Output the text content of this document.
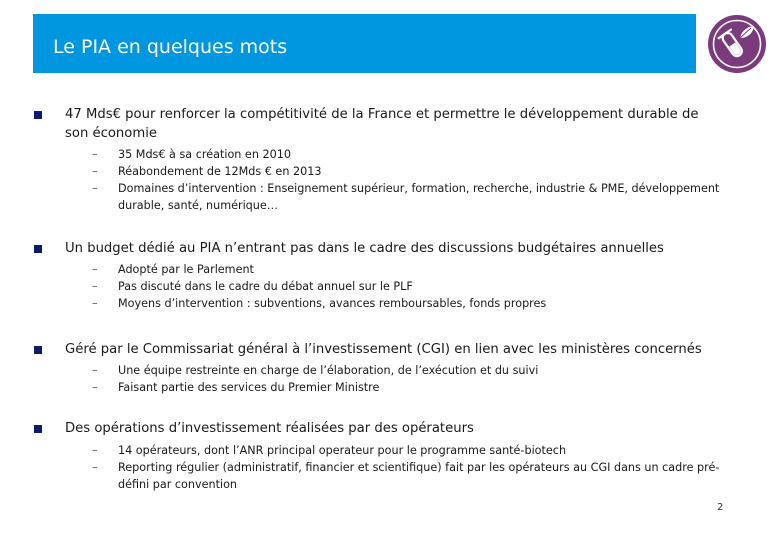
Le PIA en quelques mots
47 Mds€ pour renforcer la compétitivité de la France et permettre le développement durable de son économie
–	35 Mds€ à sa création en 2010
–	Réabondement de 12Mds € en 2013
–	Domaines d’intervention : Enseignement supérieur, formation, recherche, industrie & PME, développement durable, santé, numérique…
Un budget dédié au PIA n’entrant pas dans le cadre des discussions budgétaires annuelles
–	Adopté par le Parlement
–	Pas discuté dans le cadre du débat annuel sur le PLF
–	Moyens d’intervention : subventions, avances remboursables, fonds propres
Géré par le Commissariat général à l’investissement (CGI) en lien avec les ministères concernés
–	Une équipe restreinte en charge de l’élaboration, de l’exécution et du suivi
–	Faisant partie des services du Premier Ministre
Des opérations d’investissement réalisées par des opérateurs
–	14 opérateurs, dont l’ANR principal operateur pour le programme santé-biotech
–	Reporting régulier (administratif, financier et scientifique) fait par les opérateurs au CGI dans un cadre pré-défini par convention
2
